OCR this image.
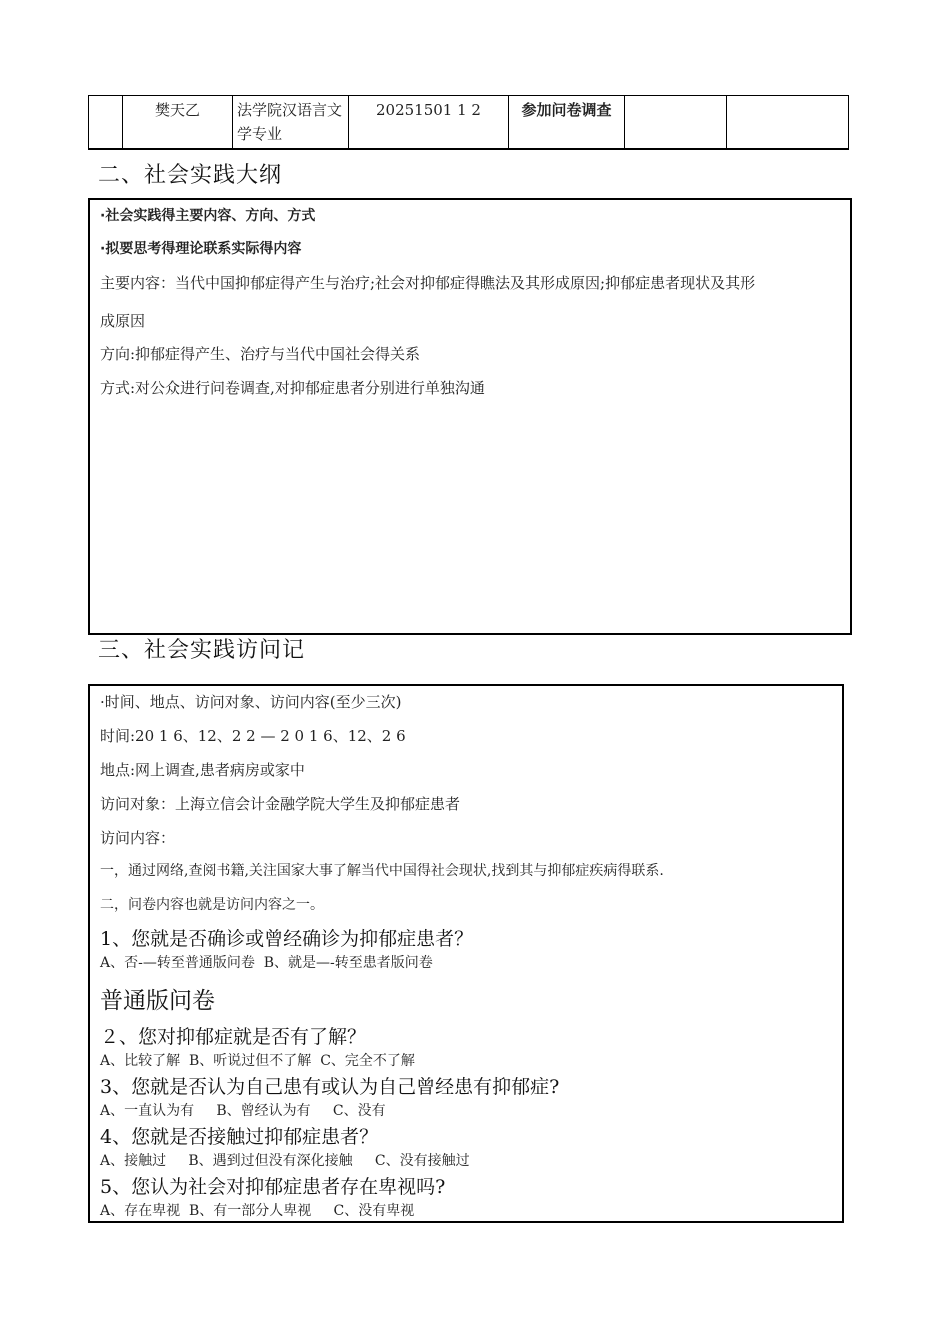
	樊天乙	法学院汉语言文学专业	20251501 1 2	参加问卷调查		
二、社会实践大纲
·社会实践得主要内容、方向、方式
·拟要思考得理论联系实际得内容
主要内容：当代中国抑郁症得产生与治疗;社会对抑郁症得瞧法及其形成原因;抑郁症患者现状及其形
成原因
方向:抑郁症得产生、治疗与当代中国社会得关系
方式:对公众进行问卷调查,对抑郁症患者分别进行单独沟通
三、社会实践访问记
·时间、地点、访问对象、访问内容(至少三次)
时间:20 1 6、12、2 2 — 2 0 1 6、12、2 6
地点:网上调查,患者病房或家中
访问对象：上海立信会计金融学院大学生及抑郁症患者
访问内容：
一，通过网络,查阅书籍,关注国家大事了解当代中国得社会现状,找到其与抑郁症疾病得联系.
二，问卷内容也就是访问内容之一。
1、您就是否确诊或曾经确诊为抑郁症患者？
A、否-—转至普通版问卷  B、就是—-转至患者版问卷
普通版问卷
２、您对抑郁症就是否有了解？
A、比较了解  B、听说过但不了解  C、完全不了解
3、您就是否认为自己患有或认为自己曾经患有抑郁症?
A、一直认为有     B、曾经认为有     C、没有
4、您就是否接触过抑郁症患者？
A、接触过     B、遇到过但没有深化接触     C、没有接触过
5、您认为社会对抑郁症患者存在卑视吗?
A、存在卑视  B、有一部分人卑视     C、没有卑视
